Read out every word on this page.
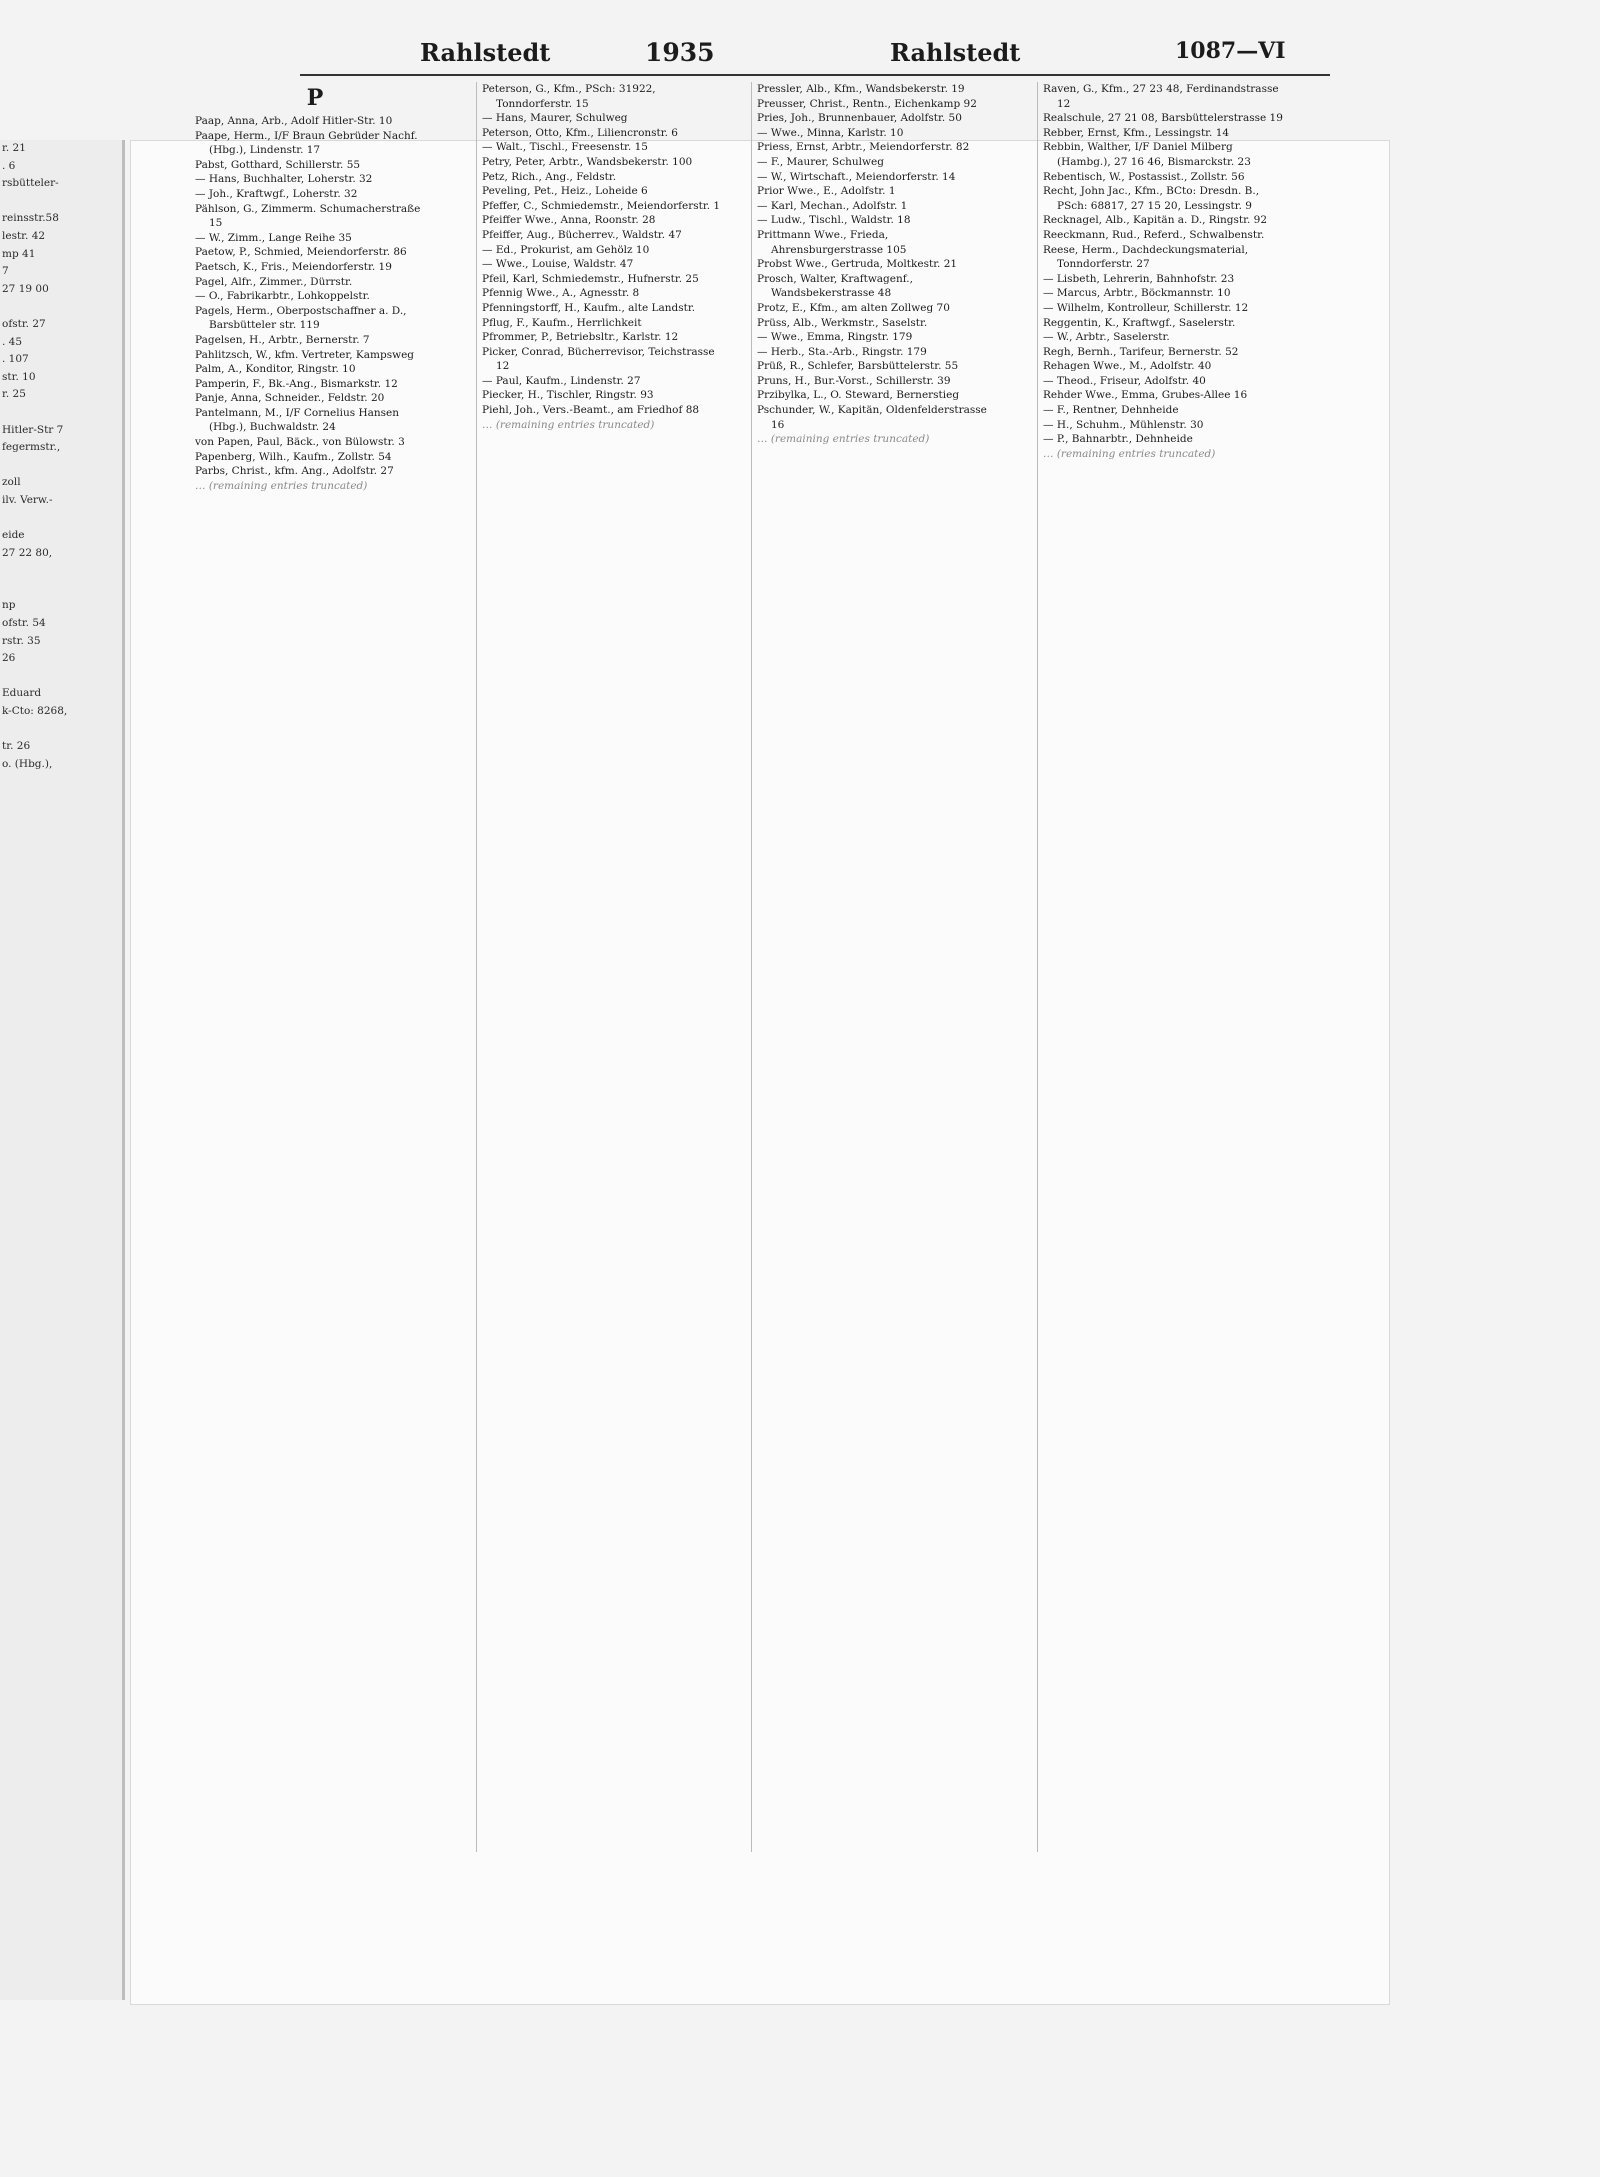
r. 21
. 6
rsbütteler-

reinsstr.58
lestr. 42
mp 41
7
27 19 00

ofstr. 27
. 45
. 107
str. 10
r. 25

Hitler-Str 7
fegermstr.,

zoll
ilv. Verw.-

eide
27 22 80,

np
ofstr. 54
rstr. 35
26

Eduard
k-Cto: 8268,

tr. 26
o. (Hbg.),
Rahlstedt	1935	Rahlstedt	1087—VI
P
Paap, Anna, Arb., Adolf Hitler-Str. 10
Paape, Herm., I/F Braun Gebrüder Nachf. (Hbg.), Lindenstr. 17
Pabst, Gotthard, Schillerstr. 55
— Hans, Buchhalter, Loherstr. 32
— Joh., Kraftwgf., Loherstr. 32
Pählson, G., Zimmerm. Schumacherstraße 15
— W., Zimm., Lange Reihe 35
Paetow, P., Schmied, Meiendorferstr. 86
Paetsch, K., Fris., Meiendorferstr. 19
Pagel, Alfr., Zimmer., Dürrstr.
— O., Fabrikarbtr., Lohkoppelstr.
Pagels, Herm., Oberpostschaffner a. D., Barsbütteler str. 119
Pagelsen, H., Arbtr., Bernerstr. 7
Pahlitzsch, W., kfm. Vertreter, Kampsweg
Palm, A., Konditor, Ringstr. 10
Pamperin, F., Bk.-Ang., Bismarkstr. 12
Panje, Anna, Schneider., Feldstr. 20
Pantelmann, M., I/F Cornelius Hansen (Hbg.), Buchwaldstr. 24
von Papen, Paul, Bäck., von Bülowstr. 3
Papenberg, Wilh., Kaufm., Zollstr. 54
Parbs, Christ., kfm. Ang., Adolfstr. 27
… (remaining entries truncated)
Peterson, G., Kfm., PSch: 31922, Tonndorferstr. 15
— Hans, Maurer, Schulweg
Peterson, Otto, Kfm., Liliencronstr. 6
— Walt., Tischl., Freesenstr. 15
Petry, Peter, Arbtr., Wandsbekerstr. 100
Petz, Rich., Ang., Feldstr.
Peveling, Pet., Heiz., Loheide 6
Pfeffer, C., Schmiedemstr., Meiendorferstr. 1
Pfeiffer Wwe., Anna, Roonstr. 28
Pfeiffer, Aug., Bücherrev., Waldstr. 47
— Ed., Prokurist, am Gehölz 10
— Wwe., Louise, Waldstr. 47
Pfeil, Karl, Schmiedemstr., Hufnerstr. 25
Pfennig Wwe., A., Agnesstr. 8
Pfenningstorff, H., Kaufm., alte Landstr.
Pflug, F., Kaufm., Herrlichkeit
Pfrommer, P., Betriebsltr., Karlstr. 12
Picker, Conrad, Bücherrevisor, Teichstrasse 12
— Paul, Kaufm., Lindenstr. 27
Piecker, H., Tischler, Ringstr. 93
Piehl, Joh., Vers.-Beamt., am Friedhof 88
… (remaining entries truncated)
Pressler, Alb., Kfm., Wandsbekerstr. 19
Preusser, Christ., Rentn., Eichenkamp 92
Pries, Joh., Brunnenbauer, Adolfstr. 50
— Wwe., Minna, Karlstr. 10
Priess, Ernst, Arbtr., Meiendorferstr. 82
— F., Maurer, Schulweg
— W., Wirtschaft., Meiendorferstr. 14
Prior Wwe., E., Adolfstr. 1
— Karl, Mechan., Adolfstr. 1
— Ludw., Tischl., Waldstr. 18
Prittmann Wwe., Frieda, Ahrensburgerstrasse 105
Probst Wwe., Gertruda, Moltkestr. 21
Prosch, Walter, Kraftwagenf., Wandsbekerstrasse 48
Protz, E., Kfm., am alten Zollweg 70
Prüss, Alb., Werkmstr., Saselstr.
— Wwe., Emma, Ringstr. 179
— Herb., Sta.-Arb., Ringstr. 179
Prüß, R., Schlefer, Barsbüttelerstr. 55
Pruns, H., Bur.-Vorst., Schillerstr. 39
Przibylka, L., O. Steward, Bernerstieg
Pschunder, W., Kapitän, Oldenfelderstrasse 16
… (remaining entries truncated)
Raven, G., Kfm., 27 23 48, Ferdinandstrasse 12
Realschule, 27 21 08, Barsbüttelerstrasse 19
Rebber, Ernst, Kfm., Lessingstr. 14
Rebbin, Walther, I/F Daniel Milberg (Hambg.), 27 16 46, Bismarckstr. 23
Rebentisch, W., Postassist., Zollstr. 56
Recht, John Jac., Kfm., BCto: Dresdn. B., PSch: 68817, 27 15 20, Lessingstr. 9
Recknagel, Alb., Kapitän a. D., Ringstr. 92
Reeckmann, Rud., Referd., Schwalbenstr.
Reese, Herm., Dachdeckungsmaterial, Tonndorferstr. 27
— Lisbeth, Lehrerin, Bahnhofstr. 23
— Marcus, Arbtr., Böckmannstr. 10
— Wilhelm, Kontrolleur, Schillerstr. 12
Reggentin, K., Kraftwgf., Saselerstr.
— W., Arbtr., Saselerstr.
Regh, Bernh., Tarifeur, Bernerstr. 52
Rehagen Wwe., M., Adolfstr. 40
— Theod., Friseur, Adolfstr. 40
Rehder Wwe., Emma, Grubes-Allee 16
— F., Rentner, Dehnheide
— H., Schuhm., Mühlenstr. 30
— P., Bahnarbtr., Dehnheide
… (remaining entries truncated)
